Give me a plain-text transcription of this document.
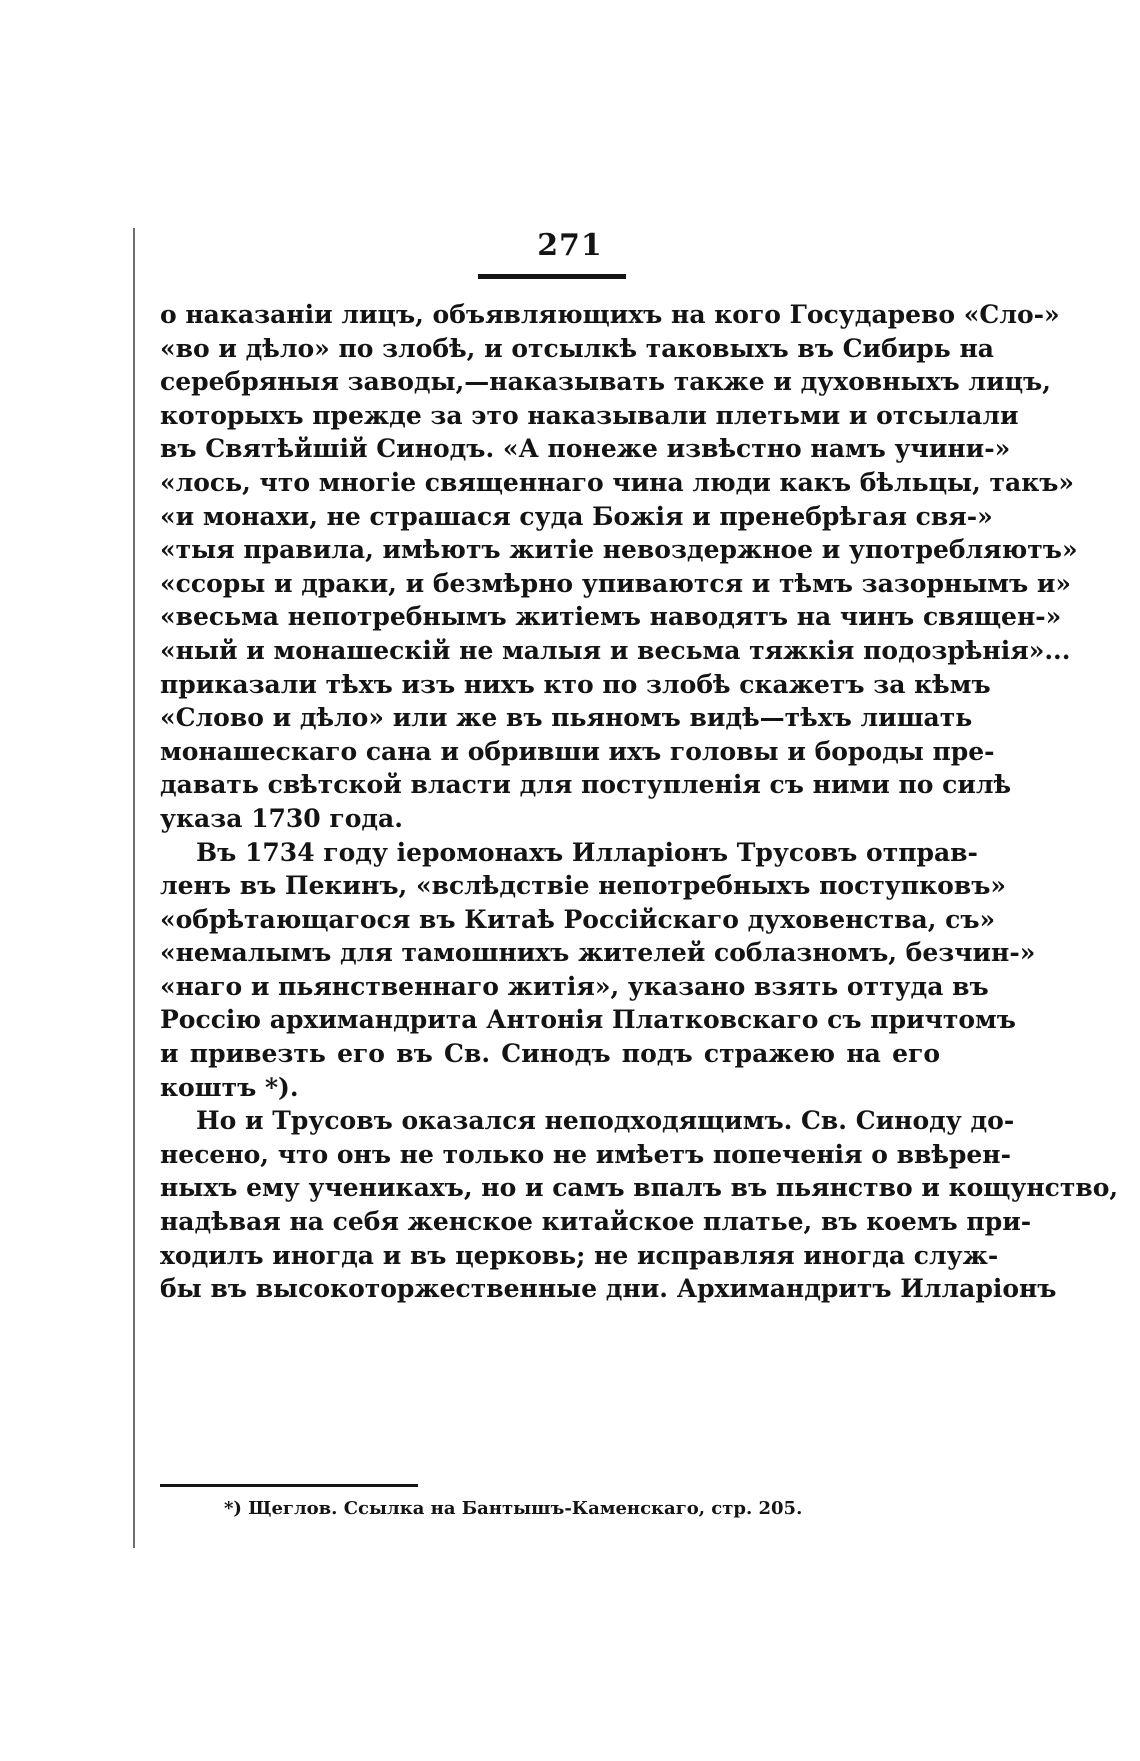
271
о наказаніи лицъ, объявляющихъ на кого Государево «Сло-»
«во и дѣло» по злобѣ, и отсылкѣ таковыхъ въ Сибирь на
серебряныя заводы,—наказывать также и духовныхъ лицъ,
которыхъ прежде за это наказывали плетьми и отсылали
въ Святѣйшій Синодъ. «А понеже извѣстно намъ учини-»
«лось, что многіе священнаго чина люди какъ бѣльцы, такъ»
«и монахи, не страшася суда Божія и пренебрѣгая свя-»
«тыя правила, имѣютъ житіе невоздержное и употребляютъ»
«ссоры и драки, и безмѣрно упиваются и тѣмъ зазорнымъ и»
«весьма непотребнымъ житіемъ наводятъ на чинъ священ-»
«ный и монашескій не малыя и весьма тяжкія подозрѣнія»...
приказали тѣхъ изъ нихъ кто по злобѣ скажетъ за кѣмъ
«Слово и дѣло» или же въ пьяномъ видѣ—тѣхъ лишать
монашескаго сана и обривши ихъ головы и бороды пре-
давать свѣтской власти для поступленія съ ними по силѣ
указа 1730 года.
Въ 1734 году іеромонахъ Илларіонъ Трусовъ отправ-
ленъ въ Пекинъ, «вслѣдствіе непотребныхъ поступковъ»
«обрѣтающагося въ Китаѣ Россійскаго духовенства, съ»
«немалымъ для тамошнихъ жителей соблазномъ, безчин-»
«наго и пьянственнаго житія», указано взять оттуда въ
Россію архимандрита Антонія Платковскаго съ причтомъ
и привезть его въ Св. Синодъ подъ стражею на его
коштъ *).
Но и Трусовъ оказался неподходящимъ. Св. Синоду до-
несено, что онъ не только не имѣетъ попеченія о ввѣрен-
ныхъ ему ученикахъ, но и самъ впалъ въ пьянство и кощунство,
надѣвая на себя женское китайское платье, въ коемъ при-
ходилъ иногда и въ церковь; не исправляя иногда служ-
бы въ высокоторжественные дни. Архимандритъ Илларіонъ
*) Щеглов. Ссылка на Бантышъ-Каменскаго, стр. 205.
